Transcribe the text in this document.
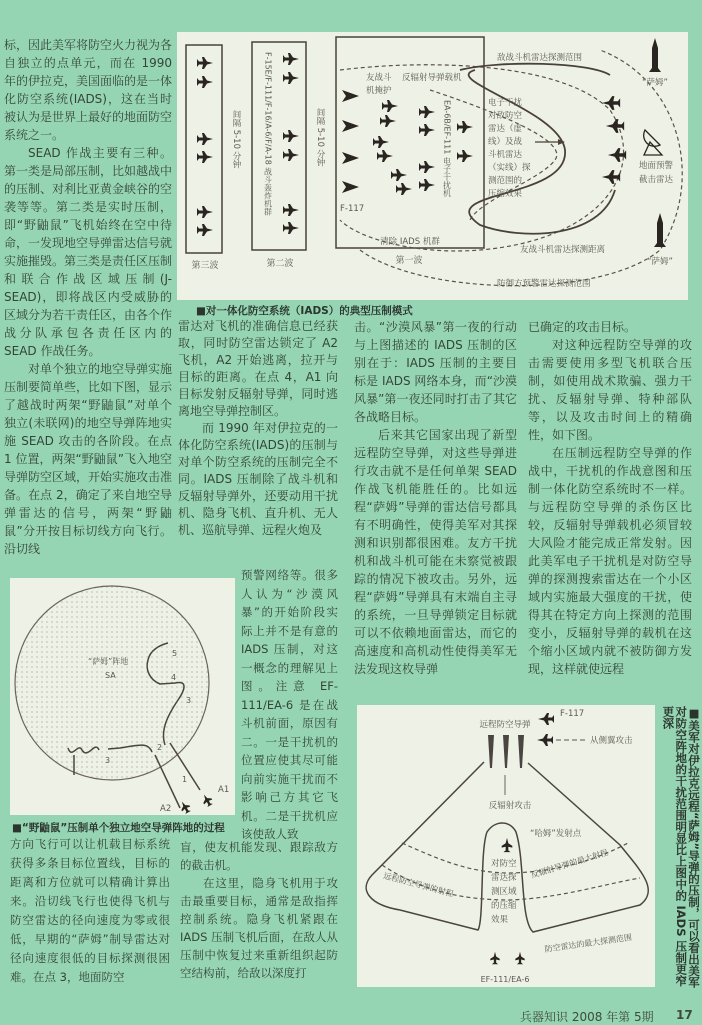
标，因此美军将防空火力视为各自独立的点单元，而在 1990 年的伊拉克，美国面临的是一体化防空系统(IADS)，这在当时被认为是世界上最好的地面防空系统之一。

SEAD 作战主要有三种。第一类是局部压制，比如越战中的压制、对利比亚黄金峡谷的空袭等等。第二类是实时压制，即“野鼬鼠”飞机始终在空中待命，一发现地空导弹雷达信号就实施摧毁。第三类是责任区压制和联合作战区域压制(J-SEAD)，即将战区内受威胁的区域分为若干责任区，由各个作战分队承包各责任区内的 SEAD 作战任务。

对单个独立的地空导弹实施压制要简单些，比如下图，显示了越战时两架“野鼬鼠”对单个独立(未联网)的地空导弹阵地实施 SEAD 攻击的各阶段。在点 1 位置，两架“野鼬鼠”飞入地空导弹防空区域，开始实施攻击准备。在点 2，确定了来自地空导弹雷达的信号，两架“野鼬鼠”分开按目标切线方向飞行。沿切线

方向飞行可以让机载目标系统获得多条目标位置线，目标的距离和方位就可以精确计算出来。沿切线飞行也使得飞机与防空雷达的径向速度为零或很低，早期的“萨姆”制导雷达对径向速度很低的目标探测很困难。在点 3，地面防空

第三波	第二波	第一波
间隔 5-10 分钟	间隔 5-10 分钟
F-15E/F-111/F-16/A-6/F/A-18 战斗轰炸机群	友战斗
机掩护
反辐射导弹载机
EA-6B/EF-111 电子干扰机
F-117
清除 IADS 机群
电子干扰
对敌防空
雷达（虚
线）及战
斗机雷达
（实线）探
测范围的
压缩效果
敌战斗机雷达探测范围
友战斗机雷达探测距离
防御方预警雷达探测范围
“萨姆”
“萨姆”
地面预警
截击雷达
■对一体化防空系统（IADS）的典型压制模式

雷达对飞机的准确信息已经获取，同时防空雷达锁定了 A2 飞机，A2 开始逃离，拉开与目标的距离。在点 4，A1 向目标发射反辐射导弹，同时逃离地空导弹控制区。

而 1990 年对伊拉克的一体化防空系统(IADS)的压制与对单个防空系统的压制完全不同。IADS 压制除了战斗机和反辐射导弹外，还要动用干扰机、隐身飞机、直升机、无人机、巡航导弹、远程火炮及

预警网络等。很多人认为“沙漠风暴”的开始阶段实际上并不是有意的 IADS 压制，对这一概念的理解见上图。注意 EF-111/EA-6 是在战斗机前面，原因有二。一是干扰机的位置应使其尽可能向前实施干扰而不影响己方其它飞机。二是干扰机应该使敌人致

盲，使友机能发现、跟踪敌方的截击机。

在这里，隐身飞机用于攻击最重要目标，通常是敌指挥控制系统。隐身飞机紧跟在 IADS 压制飞机后面，在敌人从压制中恢复过来重新组织起防空结构前，给敌以深度打

击。“沙漠风暴”第一夜的行动与上图描述的 IADS 压制的区别在于：IADS 压制的主要目标是 IADS 网络本身，而“沙漠风暴”第一夜还同时打击了其它各战略目标。

后来其它国家出现了新型远程防空导弹，对这些导弹进行攻击就不是任何单架 SEAD 作战飞机能胜任的。比如远程“萨姆”导弹的雷达信号都具有不明确性，使得美军对其探测和识别都很困难。友方干扰机和战斗机可能在未察觉被跟踪的情况下被攻击。另外，远程“萨姆”导弹具有末端自主寻的系统，一旦导弹锁定目标就可以不依赖地面雷达，而它的高速度和高机动性使得美军无法发现这枚导弹

已确定的攻击目标。

对这种远程防空导弹的攻击需要使用多型飞机联合压制，如使用战术欺骗、强力干扰、反辐射导弹、特种部队等，以及攻击时间上的精确性，如下图。

在压制远程防空导弹的作战中，干扰机的作战意图和压制一体化防空系统时不一样。与远程防空导弹的杀伤区比较，反辐射导弹载机必须冒较大风险才能完成正常发射。因此美军电子干扰机是对防空导弹的探测搜索雷达在一个小区域内实施最大强度的干扰，使得其在特定方向上探测的范围变小，反辐射导弹的载机在这个缩小区域内就不被防御方发现，这样就使远程

“萨姆”阵地
SA
1
2
3
3
4
5
A1
A2
■“野鼬鼠”压制单个独立地空导弹阵地的过程
远程防空导弹
F-117
从侧翼攻击
反辐射攻击
“哈姆”发射点
对防空
雷达探
测区域
的压缩
效果
反辐射导弹的最大射程
远程防空导弹的射程
防空雷达的最大探测范围
EF-111/EA-6	■美军对伊拉克远程“萨姆”导弹的压制，可以看出美军对防空阵地的干扰范围明显比上图中的 IADS 压制更窄更深
兵器知识 2008 年第 5期 17
